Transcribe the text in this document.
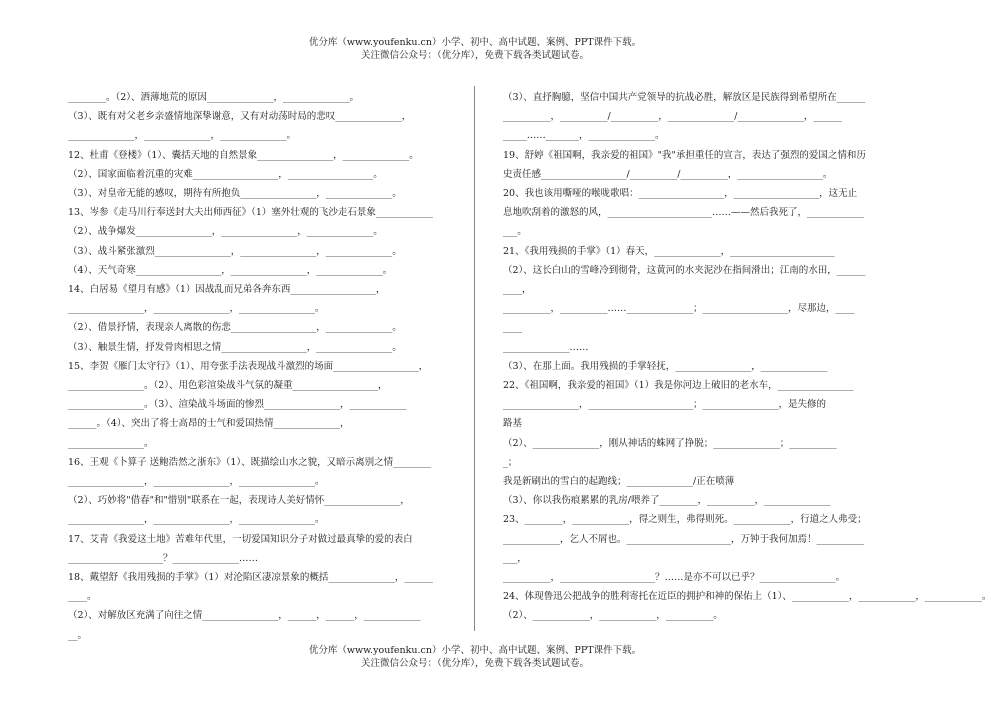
优分库（www.youfenku.cn）小学、初中、高中试题、案例、PPT课件下载。
关注微信公众号：（优分库），免费下载各类试题试卷。
________。（2）、洒薄地荒的原因______________，______________。
（3）、既有对父老乡亲盛情地深挚谢意，又有对动荡时局的悲叹______________，
______________，______________，______________。
12、杜甫《登楼》（1）、囊括天地的自然景象________________，______________。
（2）、国家面临着沉重的灾难__________________，__________________。
（3）、对皇帝无能的感叹，期待有所抱负________________，______________。
13、岑参《走马川行奉送封大夫出师西征》（1）塞外壮观的飞沙走石景象____________
（2）、战争爆发________________，________________，______________。
（3）、战斗紧张激烈________________，________________，______________。
（4）、天气奇寒__________________，________________，______________。
14、白居易《望月有感》（1）因战乱而兄弟各奔东西__________________，
________________，________________，________________。
（2）、借景抒情，表现亲人离散的伤悲__________________，______________。
（3）、触景生情，抒发骨肉相思之情__________________，________________。
15、李贺《雁门太守行》（1）、用夸张手法表现战斗激烈的场面__________________，
________________。（2）、用色彩渲染战斗气氛的凝重__________________，
________________。（3）、渲染战斗场面的惨烈________________，____________
______。（4）、突出了将士高昂的士气和爱国热情______________，
________________。
16、王观《卜算子 送鲍浩然之浙东》（1）、既描绘山水之貌，又暗示离别之情________
________________，________________，________________。
（2）、巧妙将"借春"和"惜别"联系在一起，表现诗人美好情怀________________，
________________，________________，________________。
17、艾青《我爱这土地》苦难年代里，一切爱国知识分子对做过最真挚的爱的表白
____________________？______________……
18、戴望舒《我用残损的手掌》（1）对沦陷区凄凉景象的概括______________，______
____。
（2）、对解放区充满了向往之情________________，______，______，____________
__。
（3）、直抒胸臆，坚信中国共产党领导的抗战必胜，解放区是民族得到希望所在______
__________，__________/__________，______________/______________，______
_____……_______，______________。
19、舒婷《祖国啊，我亲爱的祖国》"我"承担重任的宣言，表达了强烈的爱国之情和历
史责任感__________________/__________/__________，__________________。
20、我也该用嘶哑的喉咙歌唱：__________________，__________________，这无止
息地吹刮着的激怒的风，______________________……——然后我死了，____________
___。
21、《我用残损的手掌》（1）春天，______________，______________________
（2）、这长白山的雪峰冷到彻骨，这黄河的水夹泥沙在指间滑出；江南的水田，______
____，
__________，__________……______________；__________________，尽那边，____
____
______________……
（3）、在那上面。我用残损的手掌轻抚，________________，______________
22、《祖国啊，我亲爱的祖国》（1）我是你河边上破旧的老水车，________________
________________，______________________；________________，是失修的
路基
（2）、______________，刚从神话的蛛网了挣脱；______________；__________
_；
我是新刷出的雪白的起跑线；______________/正在喷薄
（3）、你以我伤痕累累的乳房/喂养了________，__________，______________
23、________，____________，得之则生，弗得则死。____________，行道之人弗受；
____________，乞人不屑也。______________________，万钟于我何加焉！__________
___，
__________，____________________？……是亦不可以已乎？________________。
24、体现鲁迅公把战争的胜利寄托在近臣的拥护和神的保佑上（1）、____________，____________，____________。
（2）、____________，____________，__________。
优分库（www.youfenku.cn）小学、初中、高中试题、案例、PPT课件下载。
关注微信公众号：（优分库），免费下载各类试题试卷。
